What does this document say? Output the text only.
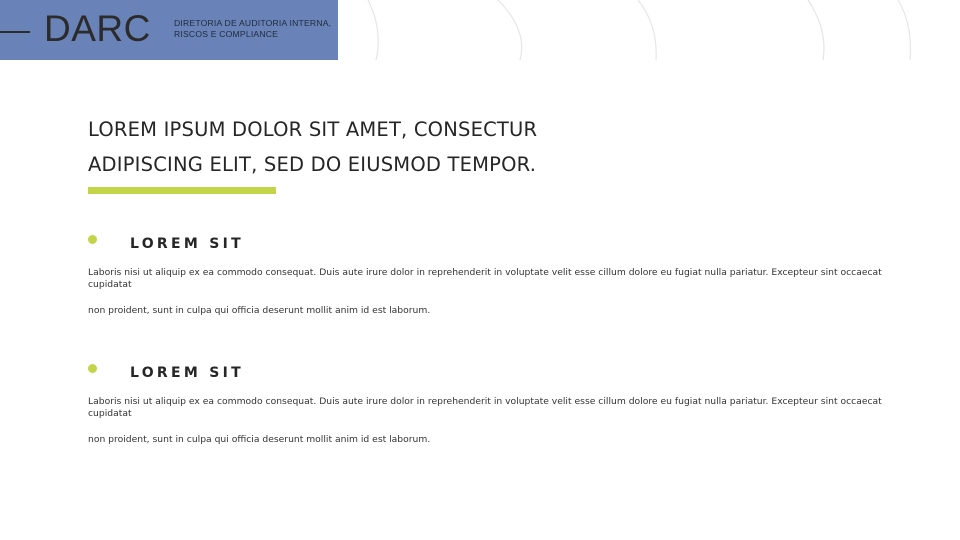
DARC	DIRETORIA DE AUDITORIA INTERNA,
RISCOS E COMPLIANCE
LOREM IPSUM DOLOR SIT AMET, CONSECTUR
ADIPISCING ELIT, SED DO EIUSMOD TEMPOR.
LOREM SIT

Laboris nisi ut aliquip ex ea commodo consequat. Duis aute irure dolor in reprehenderit in voluptate velit esse cillum dolore eu fugiat nulla pariatur. Excepteur sint occaecat cupidatat

non proident, sunt in culpa qui officia deserunt mollit anim id est laborum.

LOREM SIT

Laboris nisi ut aliquip ex ea commodo consequat. Duis aute irure dolor in reprehenderit in voluptate velit esse cillum dolore eu fugiat nulla pariatur. Excepteur sint occaecat cupidatat

non proident, sunt in culpa qui officia deserunt mollit anim id est laborum.
